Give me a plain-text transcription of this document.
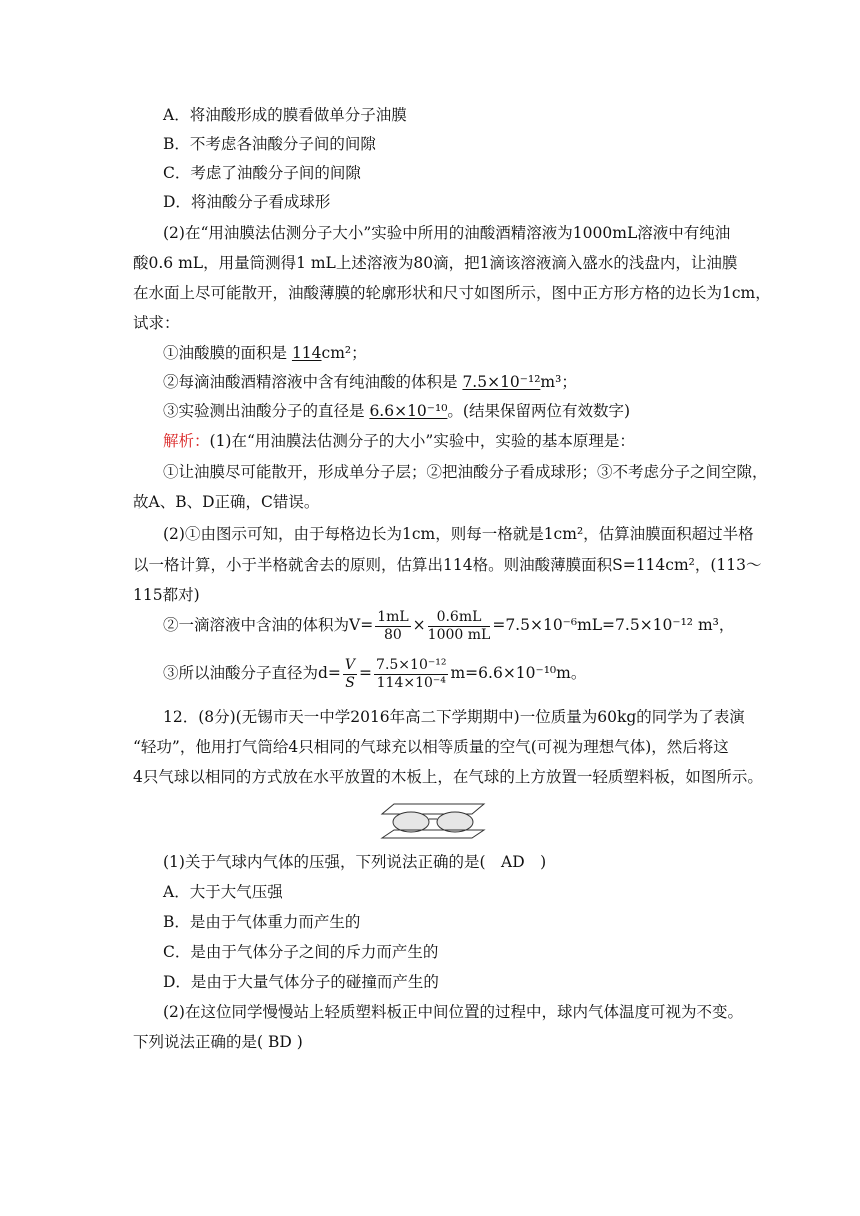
A．将油酸形成的膜看做单分子油膜
B．不考虑各油酸分子间的间隙
C．考虑了油酸分子间的间隙
D．将油酸分子看成球形
(2)在“用油膜法估测分子大小”实验中所用的油酸酒精溶液为1000mL溶液中有纯油
酸0.6 mL，用量筒测得1 mL上述溶液为80滴，把1滴该溶液滴入盛水的浅盘内，让油膜
在水面上尽可能散开，油酸薄膜的轮廓形状和尺寸如图所示，图中正方形方格的边长为1cm，
试求：
①油酸膜的面积是 114cm²；
②每滴油酸酒精溶液中含有纯油酸的体积是 7.5×10⁻¹²m³；
③实验测出油酸分子的直径是 6.6×10⁻¹⁰。(结果保留两位有效数字)
解析：(1)在“用油膜法估测分子的大小”实验中，实验的基本原理是：
①让油膜尽可能散开，形成单分子层；②把油酸分子看成球形；③不考虑分子之间空隙，
故A、B、D正确，C错误。
(2)①由图示可知，由于每格边长为1cm，则每一格就是1cm²，估算油膜面积超过半格
以一格计算，小于半格就舍去的原则，估算出114格。则油酸薄膜面积S=114cm²，(113～
115都对)
②一滴溶液中含油的体积为$V= \frac{1mL}{80} \times \frac{0.6mL}{1000 mL} =7.5\times 10^{-6}mL=7.5\times 10^{-12}$ m³，
③所以油酸分子直径为$d= \frac{V}{S} = \frac{\text{7.5×10⁻¹²}}{\text{114×10⁻⁴}} m=6.6\times 10^{-10}m$。
12．(8分)(无锡市天一中学2016年高二下学期期中)一位质量为60kg的同学为了表演
“轻功”，他用打气筒给4只相同的气球充以相等质量的空气(可视为理想气体)，然后将这
4只气球以相同的方式放在水平放置的木板上，在气球的上方放置一轻质塑料板，如图所示。
(1)关于气球内气体的压强，下列说法正确的是(　AD　)
A．大于大气压强
B．是由于气体重力而产生的
C．是由于气体分子之间的斥力而产生的
D．是由于大量气体分子的碰撞而产生的
(2)在这位同学慢慢站上轻质塑料板正中间位置的过程中，球内气体温度可视为不变。
下列说法正确的是( BD )
